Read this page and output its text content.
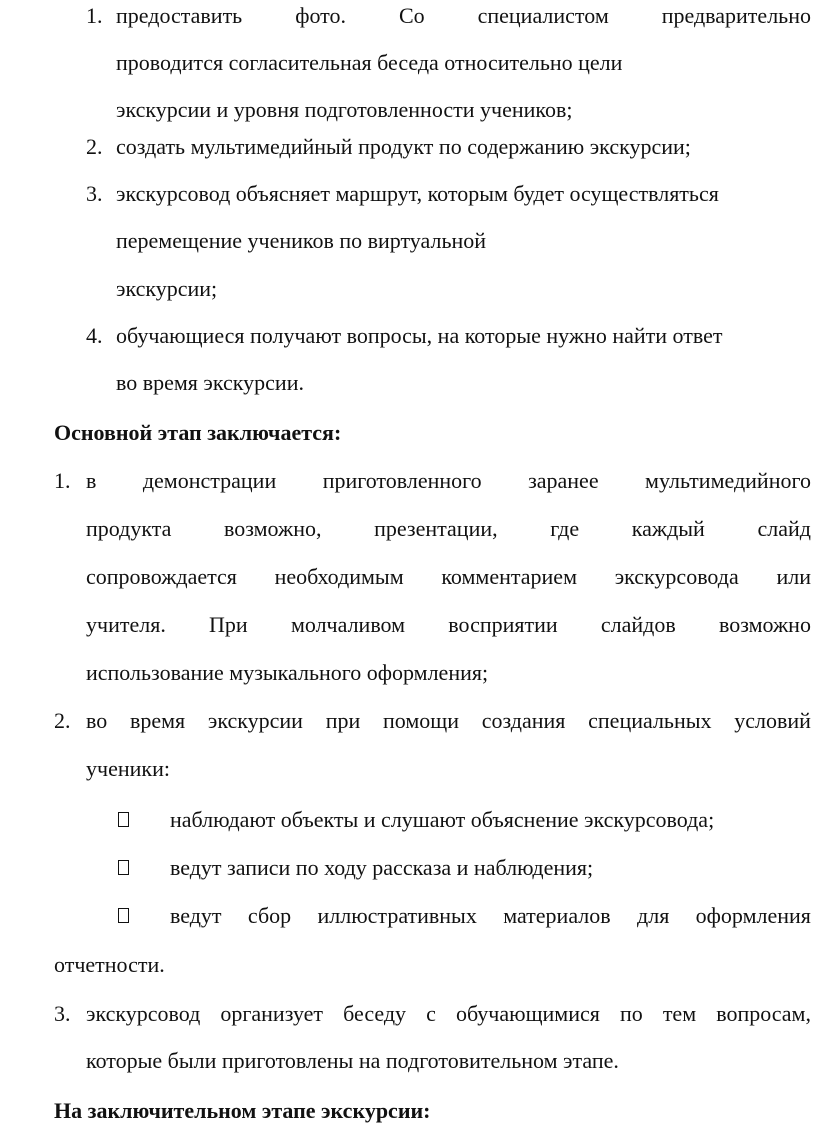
1. предоставить фото. Со специалистом предварительно
проводится согласительная беседа относительно цели
экскурсии и уровня подготовленности учеников;
2. создать мультимедийный продукт по содержанию экскурсии;
3. экскурсовод объясняет маршрут, которым будет осуществляться
перемещение учеников по виртуальной
экскурсии;
4. обучающиеся получают вопросы, на которые нужно найти ответ
во время экскурсии.
Основной этап заключается:
1. в демонстрации приготовленного заранее мультимедийного
продукта возможно, презентации, где каждый слайд
сопровождается необходимым комментарием экскурсовода или
учителя. При молчаливом восприятии слайдов возможно
использование музыкального оформления;
2. во время экскурсии при помощи создания специальных условий
ученики:
наблюдают объекты и слушают объяснение экскурсовода;
ведут записи по ходу рассказа и наблюдения;
ведут сбор иллюстративных материалов для оформления
отчетности.
3. экскурсовод организует беседу с обучающимися по тем вопросам,
которые были приготовлены на подготовительном этапе.
На заключительном этапе экскурсии:
